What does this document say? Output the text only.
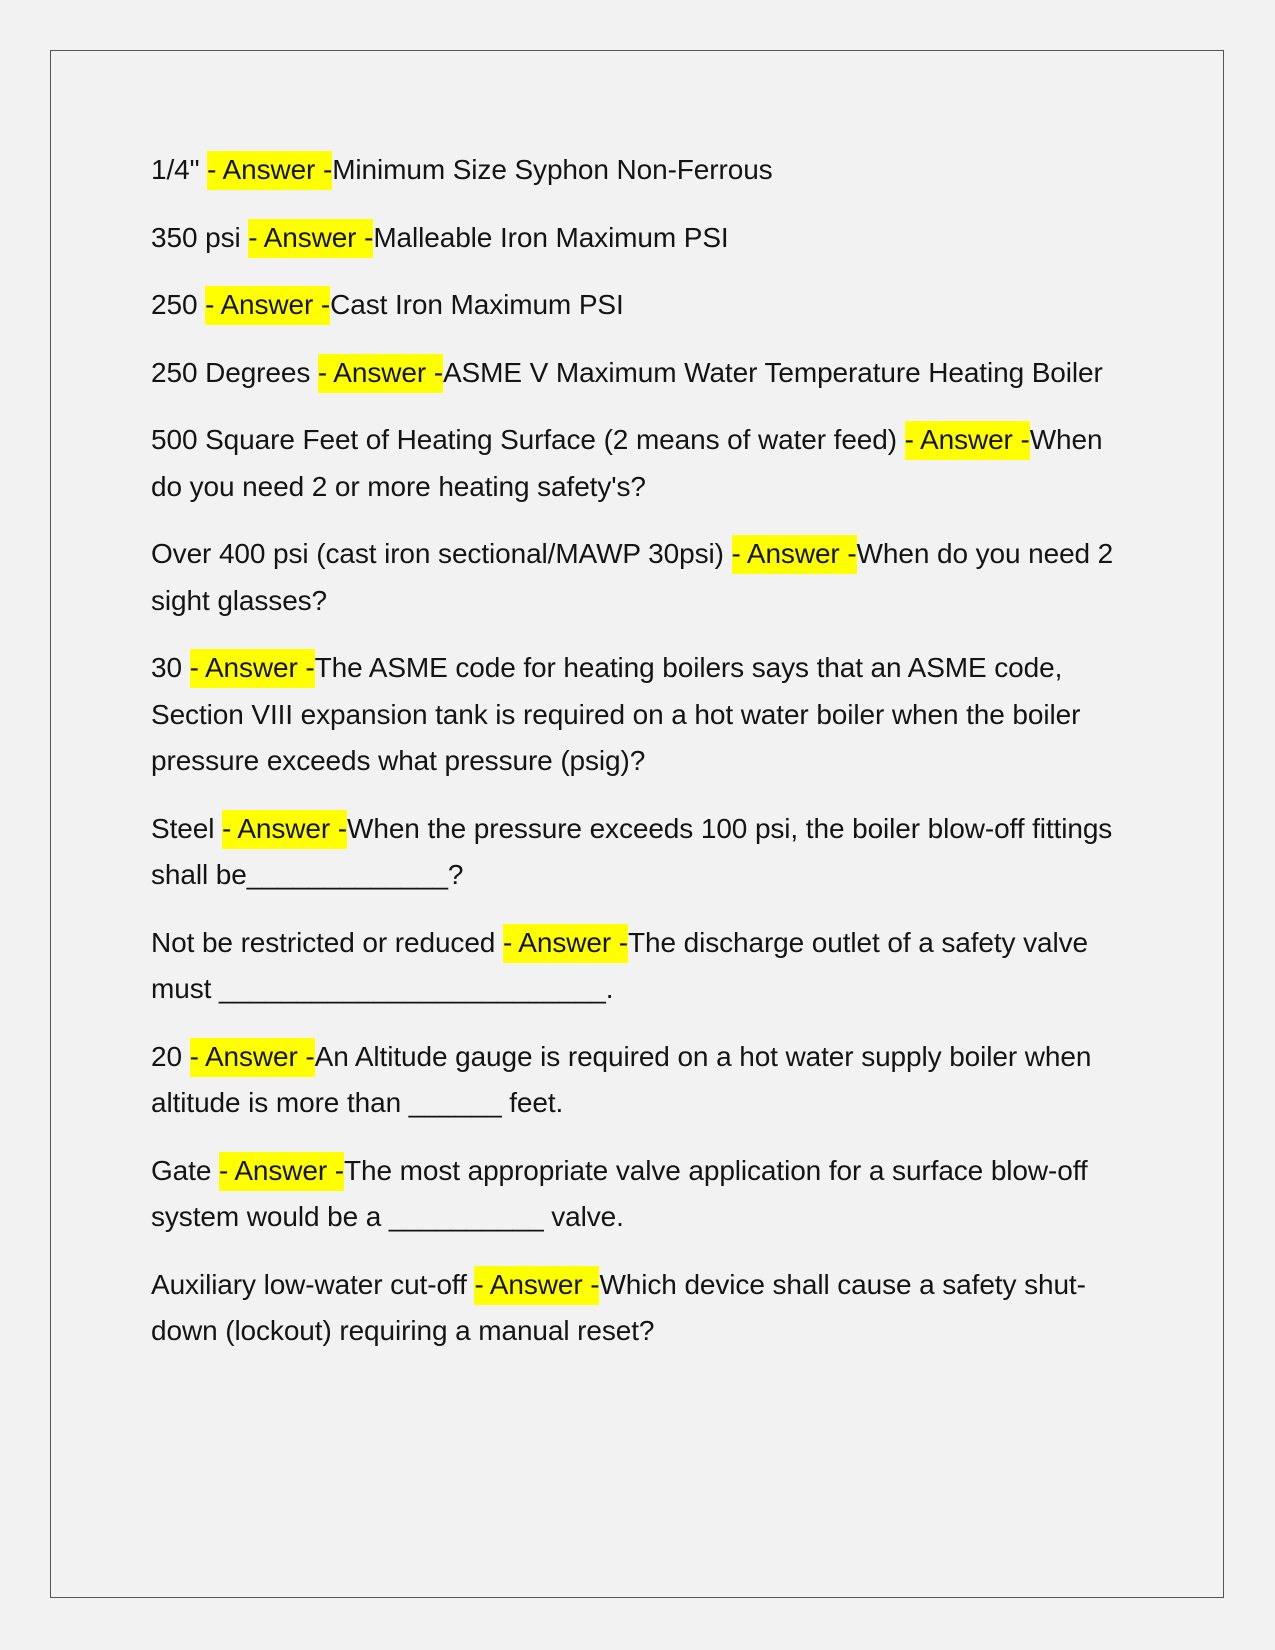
1/4" - Answer -Minimum Size Syphon Non-Ferrous

350 psi - Answer -Malleable Iron Maximum PSI

250 - Answer -Cast Iron Maximum PSI

250 Degrees - Answer -ASME V Maximum Water Temperature Heating Boiler

500 Square Feet of Heating Surface (2 means of water feed) - Answer -When do you need 2 or more heating safety's?

Over 400 psi (cast iron sectional/MAWP 30psi) - Answer -When do you need 2 sight glasses?

30 - Answer -The ASME code for heating boilers says that an ASME code, Section VIII expansion tank is required on a hot water boiler when the boiler pressure exceeds what pressure (psig)?

Steel - Answer -When the pressure exceeds 100 psi, the boiler blow-off fittings shall be_____________?

Not be restricted or reduced - Answer -The discharge outlet of a safety valve must _________________________.

20 - Answer -An Altitude gauge is required on a hot water supply boiler when altitude is more than ______ feet.

Gate - Answer -The most appropriate valve application for a surface blow-off system would be a __________ valve.

Auxiliary low-water cut-off - Answer -Which device shall cause a safety shut-down (lockout) requiring a manual reset?
